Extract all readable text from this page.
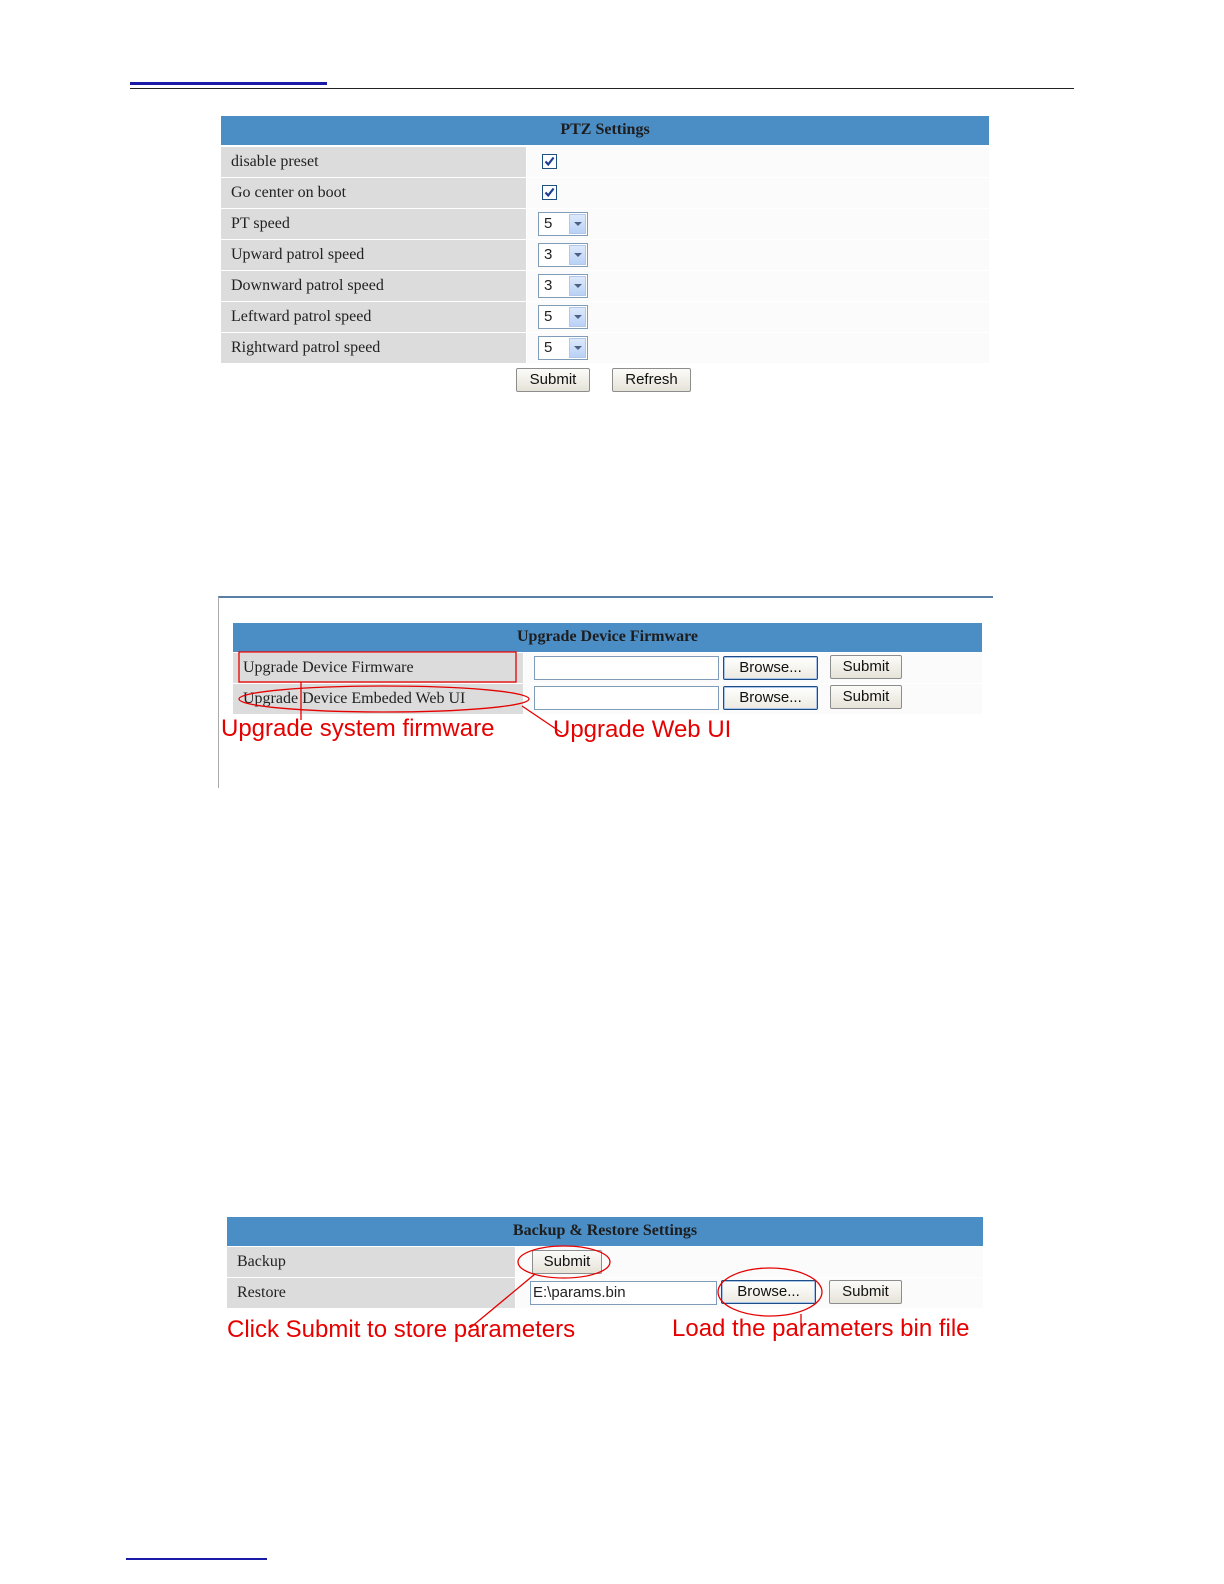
PTZ Settings
disable preset
Go center on boot
PT speed	5
Upward patrol speed	3
Downward patrol speed	3
Leftward patrol speed	5
Rightward patrol speed	5
Submit	Refresh
Upgrade Device Firmware
Upgrade Device Firmware	Browse...	Submit
Upgrade Device Embeded Web UI	Browse...	Submit
Upgrade system firmware Upgrade Web UI
Backup & Restore Settings
Backup	Submit
Restore	E:\params.bin	Browse...	Submit
Click Submit to store parameters	Load the parameters bin file
